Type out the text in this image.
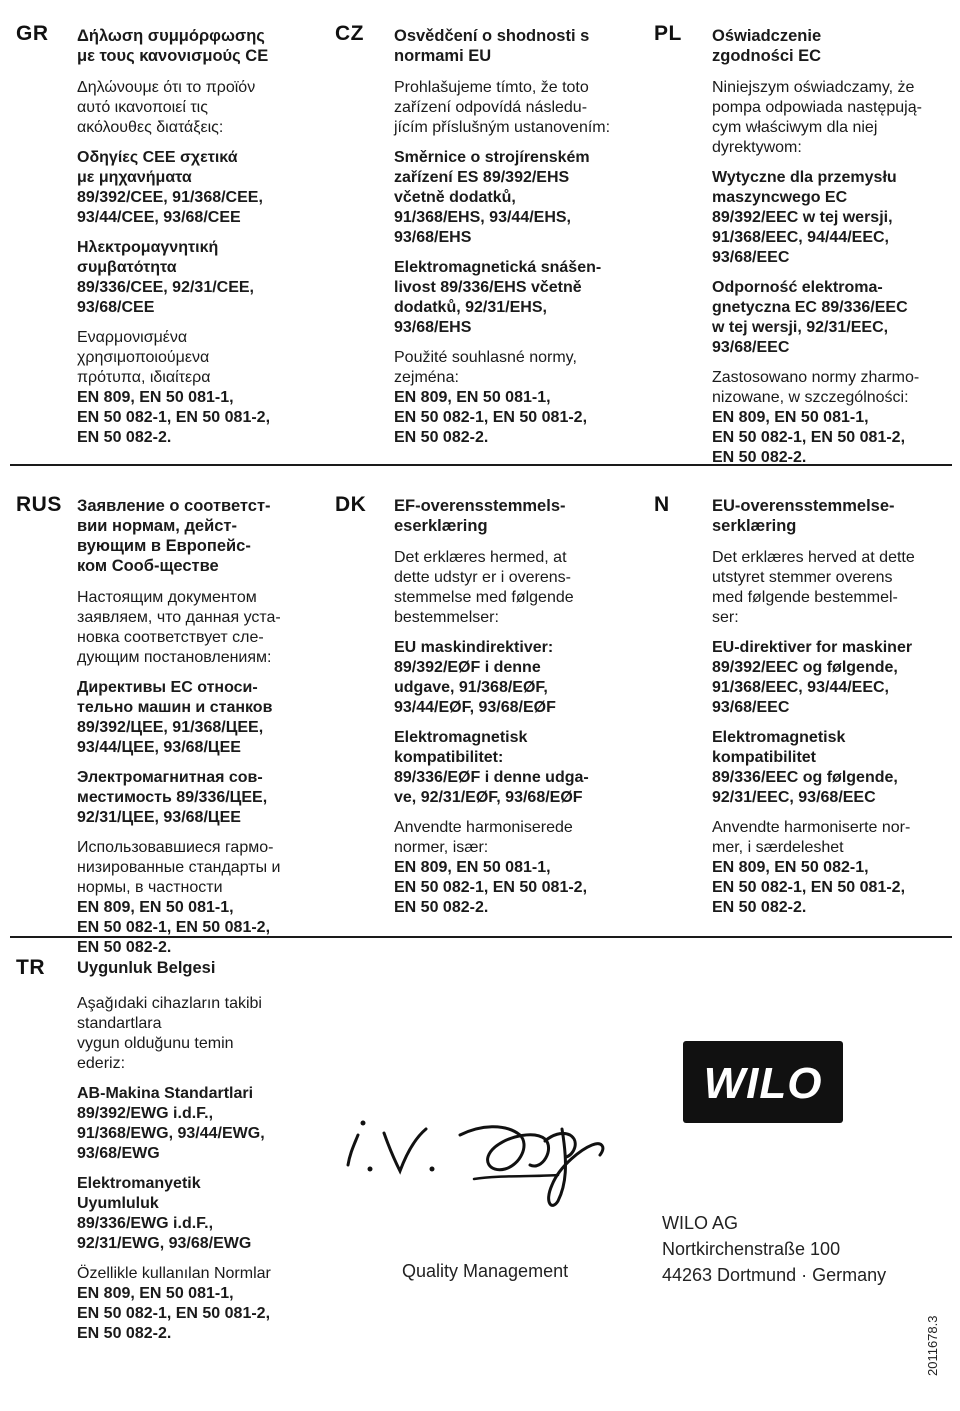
GR Δήλωση συμμόρφωσης
με τους κανονισμούς CE
Δηλώνουμε ότι το προϊόν
αυτό ικανοποιεί τις
ακόλουθες διατάξεις:
Οδηγίες CEE σχετικά
με μηχανήματα
89/392/CEE, 91/368/CEE,
93/44/CEE, 93/68/CEE
Ηλεκτρομαγνητική
συμβατότητα
89/336/CEE, 92/31/CEE,
93/68/CEE
Εναρμονισμένα
χρησιμοποιούμενα
πρότυπα, ιδιαίτερα
EN 809, EN 50 081-1,
EN 50 082-1, EN 50 081-2,
EN 50 082-2.
CZ Osvědčení o shodnosti s
normami EU
Prohlašujeme tímto, že toto
zařízení odpovídá následu-
jícím příslušným ustanovením:
Směrnice o strojírenském
zařízení ES 89/392/EHS
včetně dodatků,
91/368/EHS, 93/44/EHS,
93/68/EHS
Elektromagnetická snášen-
livost 89/336/EHS včetně
dodatků, 92/31/EHS,
93/68/EHS
Použité souhlasné normy,
zejména:
EN 809, EN 50 081-1,
EN 50 082-1, EN 50 081-2,
EN 50 082-2.
PL Oświadczenie
zgodności EC
Niniejszym oświadczamy, że
pompa odpowiada następują-
cym właściwym dla niej
dyrektywom:
Wytyczne dla przemysłu
maszyncwego EC
89/392/EEC w tej wersji,
91/368/EEC, 94/44/EEC,
93/68/EEC
Odporność elektroma-
gnetyczna EC 89/336/EEC
w tej wersji, 92/31/EEC,
93/68/EEC
Zastosowano normy zharmo-
nizowane, w szczególności:
EN 809, EN 50 081-1,
EN 50 082-1, EN 50 081-2,
EN 50 082-2.
RUS Заявление о соответст-
вии нормам, дейст-
вующим в Европейс-
ком Сооб-ществе
Настоящим документом
заявляем, что данная уста-
новка соответствует сле-
дующим постановлениям:
Директивы ЕС относи-
тельно машин и станков
89/392/ЦЕЕ, 91/368/ЦЕЕ,
93/44/ЦЕЕ, 93/68/ЦЕЕ
Электромагнитная сов-
местимость 89/336/ЦЕЕ,
92/31/ЦЕЕ, 93/68/ЦЕЕ
Использовавшиеся гармо-
низированные стандарты и
нормы, в частности
EN 809, EN 50 081-1,
EN 50 082-1, EN 50 081-2,
EN 50 082-2.
DK EF-overensstemmels-
eserklæring
Det erklæres hermed, at
dette udstyr er i overens-
stemmelse med følgende
bestemmelser:
EU maskindirektiver:
89/392/EØF i denne
udgave, 91/368/EØF,
93/44/EØF, 93/68/EØF
Elektromagnetisk
kompatibilitet:
89/336/EØF i denne udga-
ve, 92/31/EØF, 93/68/EØF
Anvendte harmoniserede
normer, især:
EN 809, EN 50 081-1,
EN 50 082-1, EN 50 081-2,
EN 50 082-2.
N	EU-overensstemmelse-
serklæring
Det erklæres herved at dette
utstyret stemmer overens
med følgende bestemmel-
ser:
EU-direktiver for maskiner
89/392/EEC og følgende,
91/368/EEC, 93/44/EEC,
93/68/EEC
Elektromagnetisk
kompatibilitet
89/336/EEC og følgende,
92/31/EEC, 93/68/EEC
Anvendte harmoniserte nor-
mer, i særdeleshet
EN 809, EN 50 082-1,
EN 50 082-1, EN 50 081-2,
EN 50 082-2.
TR Uygunluk Belgesi
Aşağıdaki cihazların takibi
standartlara
vygun olduğunu temin
ederiz:
AB-Makina Standartlari
89/392/EWG i.d.F.,
91/368/EWG, 93/44/EWG,
93/68/EWG
Elektromanyetik
Uyumluluk
89/336/EWG i.d.F.,
92/31/EWG, 93/68/EWG
Özellikle kullanılan Normlar
EN 809, EN 50 081-1,
EN 50 082-1, EN 50 081-2,
EN 50 082-2.
Quality Management
WILO
WILO AG
Nortkirchenstraße 100
44263 Dortmund · Germany
2011678.3
